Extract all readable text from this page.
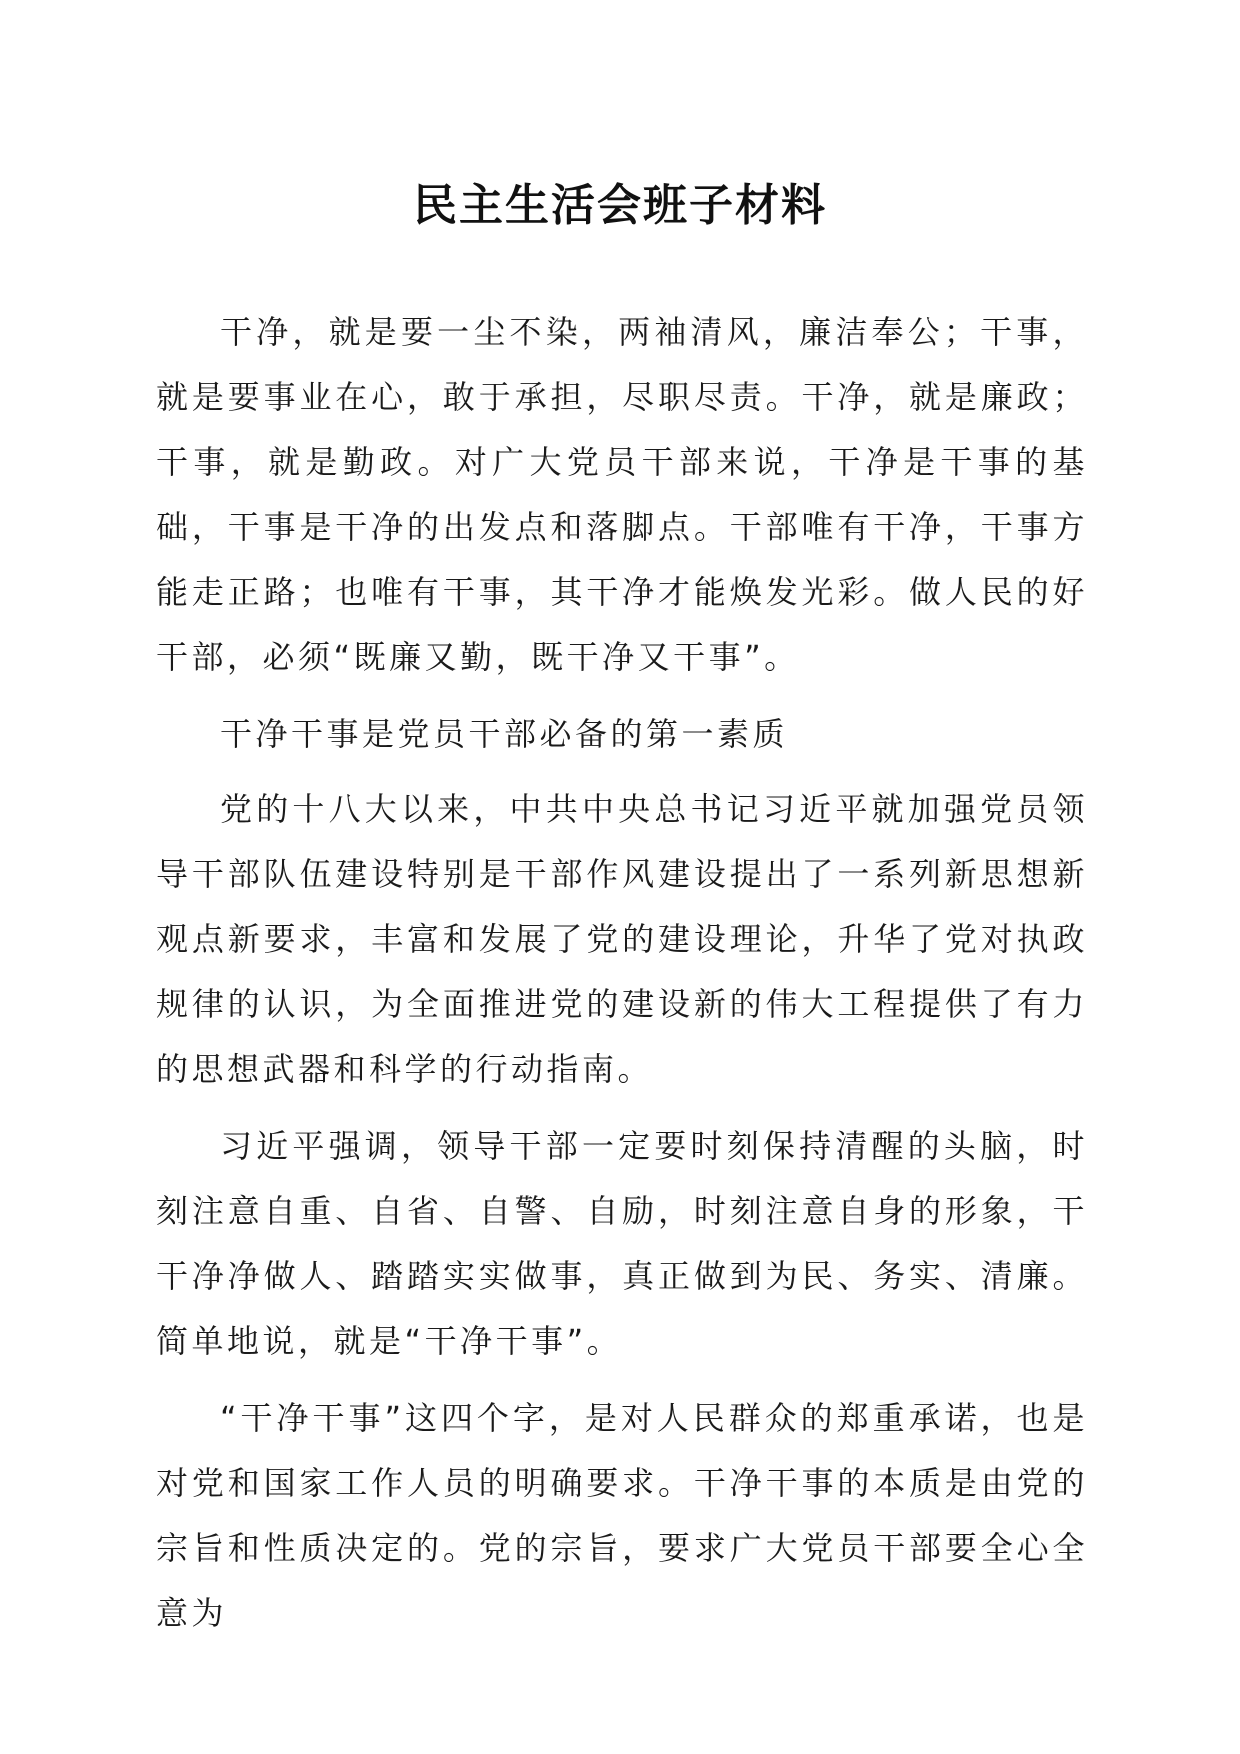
民主生活会班子材料

干净，就是要一尘不染，两袖清风，廉洁奉公；干事，就是要事业在心，敢于承担，尽职尽责。干净，就是廉政；干事，就是勤政。对广大党员干部来说，干净是干事的基础，干事是干净的出发点和落脚点。干部唯有干净，干事方能走正路；也唯有干事，其干净才能焕发光彩。做人民的好干部，必须“既廉又勤，既干净又干事”。

干净干事是党员干部必备的第一素质

党的十八大以来，中共中央总书记习近平就加强党员领导干部队伍建设特别是干部作风建设提出了一系列新思想新观点新要求，丰富和发展了党的建设理论，升华了党对执政规律的认识，为全面推进党的建设新的伟大工程提供了有力的思想武器和科学的行动指南。

习近平强调，领导干部一定要时刻保持清醒的头脑，时刻注意自重、自省、自警、自励，时刻注意自身的形象，干干净净做人、踏踏实实做事，真正做到为民、务实、清廉。简单地说，就是“干净干事”。

“干净干事”这四个字，是对人民群众的郑重承诺，也是对党和国家工作人员的明确要求。干净干事的本质是由党的宗旨和性质决定的。党的宗旨，要求广大党员干部要全心全意为
